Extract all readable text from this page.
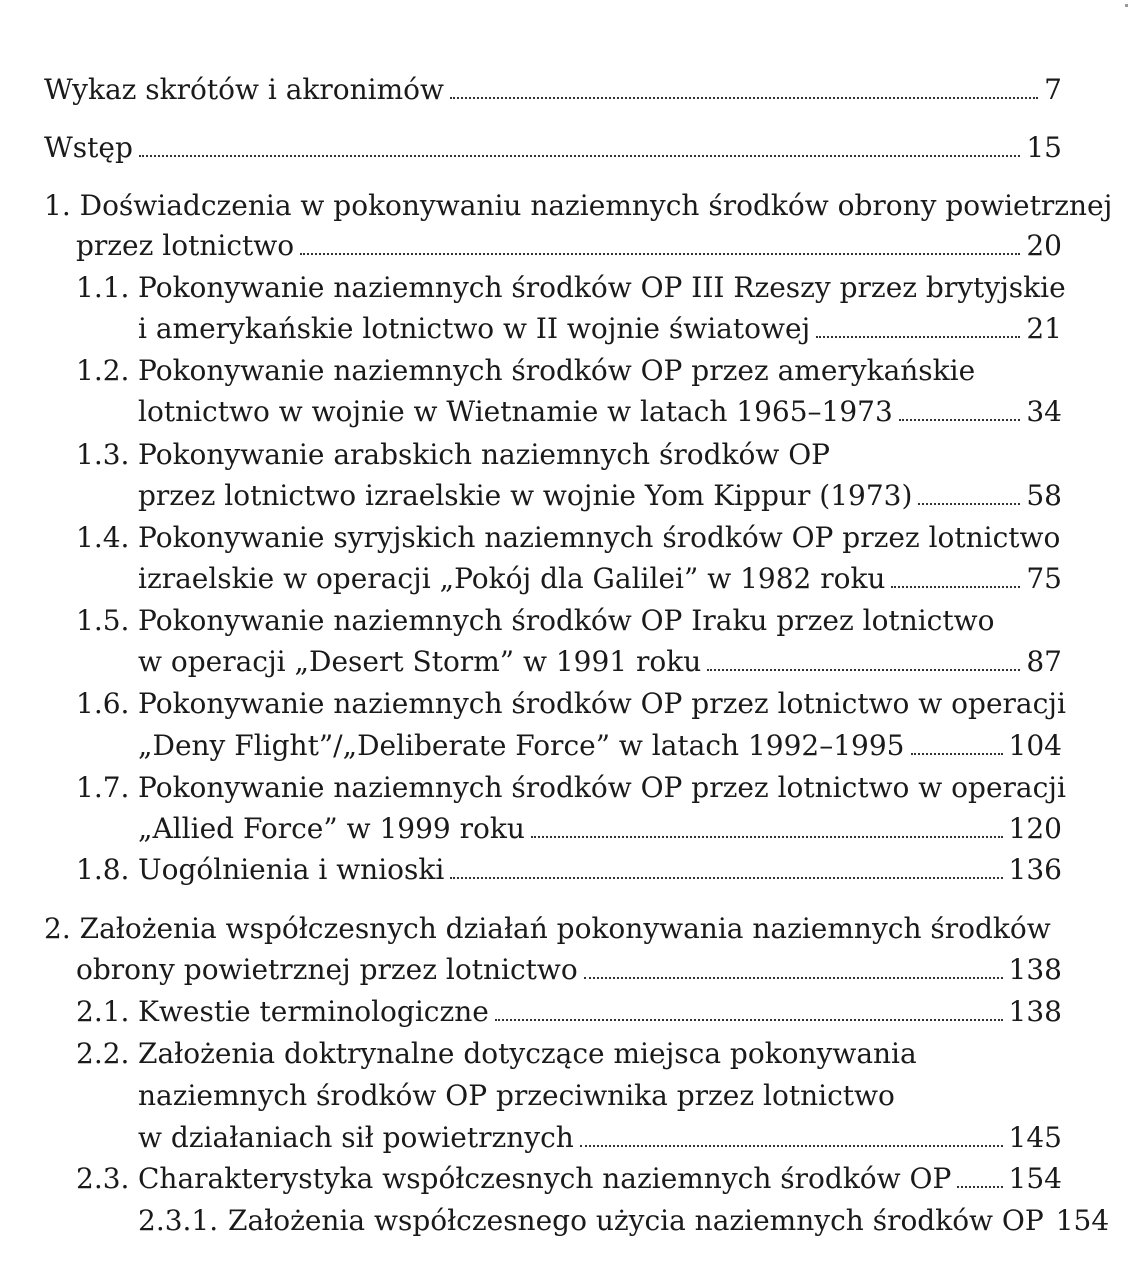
Wykaz skrótów i akronimów	7
Wstęp	15
1. Doświadczenia w pokonywaniu naziemnych środków obrony powietrznej
przez lotnictwo	20
1.1. Pokonywanie naziemnych środków OP III Rzeszy przez brytyjskie
i amerykańskie lotnictwo w II wojnie światowej	21
1.2. Pokonywanie naziemnych środków OP przez amerykańskie
lotnictwo w wojnie w Wietnamie w latach 1965–1973	34
1.3. Pokonywanie arabskich naziemnych środków OP
przez lotnictwo izraelskie w wojnie Yom Kippur (1973)	58
1.4. Pokonywanie syryjskich naziemnych środków OP przez lotnictwo
izraelskie w operacji „Pokój dla Galilei” w 1982 roku	75
1.5. Pokonywanie naziemnych środków OP Iraku przez lotnictwo
w operacji „Desert Storm” w 1991 roku	87
1.6. Pokonywanie naziemnych środków OP przez lotnictwo w operacji
„Deny Flight”/„Deliberate Force” w latach 1992–1995	104
1.7. Pokonywanie naziemnych środków OP przez lotnictwo w operacji
„Allied Force” w 1999 roku	120
1.8. Uogólnienia i wnioski	136
2. Założenia współczesnych działań pokonywania naziemnych środków
obrony powietrznej przez lotnictwo	138
2.1. Kwestie terminologiczne	138
2.2. Założenia doktrynalne dotyczące miejsca pokonywania
naziemnych środków OP przeciwnika przez lotnictwo
w działaniach sił powietrznych	145
2.3. Charakterystyka współczesnych naziemnych środków OP 154
2.3.1. Założenia współczesnego użycia naziemnych środków OP 154
